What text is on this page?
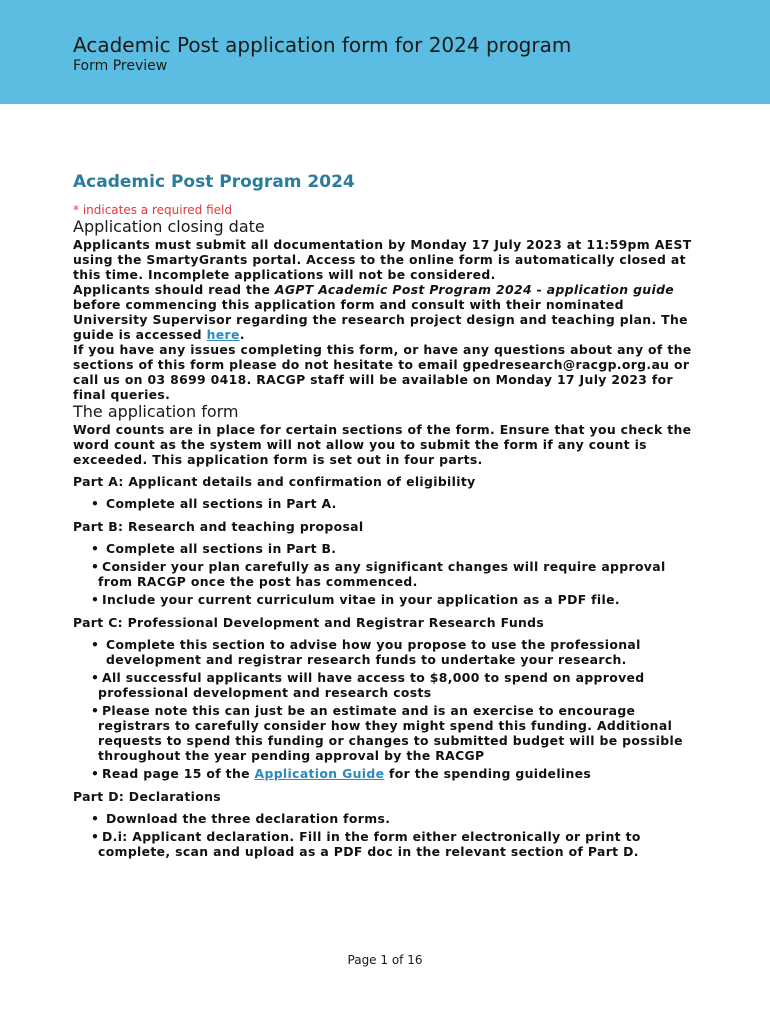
Academic Post application form for 2024 program
Form Preview
Academic Post Program 2024
* indicates a required field
Application closing date

Applicants must submit all documentation by Monday 17 July 2023 at 11:59pm AEST using the SmartyGrants portal. Access to the online form is automatically closed at this time. Incomplete applications will not be considered.

Applicants should read the AGPT Academic Post Program 2024 - application guide before commencing this application form and consult with their nominated University Supervisor regarding the research project design and teaching plan. The guide is accessed here.

If you have any issues completing this form, or have any questions about any of the sections of this form please do not hesitate to email gpedresearch@racgp.org.au or call us on 03 8699 0418. RACGP staff will be available on Monday 17 July 2023 for final queries.

The application form

Word counts are in place for certain sections of the form. Ensure that you check the word count as the system will not allow you to submit the form if any count is exceeded. This application form is set out in four parts.

Part A: Applicant details and confirmation of eligibility
• Complete all sections in Part A.
Part B: Research and teaching proposal
• Complete all sections in Part B.
• Consider your plan carefully as any significant changes will require approval from RACGP once the post has commenced.
• Include your current curriculum vitae in your application as a PDF file.
Part C: Professional Development and Registrar Research Funds
• Complete this section to advise how you propose to use the professional development and registrar research funds to undertake your research.
• All successful applicants will have access to $8,000 to spend on approved professional development and research costs
• Please note this can just be an estimate and is an exercise to encourage registrars to carefully consider how they might spend this funding. Additional requests to spend this funding or changes to submitted budget will be possible throughout the year pending approval by the RACGP
• Read page 15 of the Application Guide for the spending guidelines
Part D: Declarations
• Download the three declaration forms.
• D.i: Applicant declaration. Fill in the form either electronically or print to complete, scan and upload as a PDF doc in the relevant section of Part D.
Page 1 of 16
